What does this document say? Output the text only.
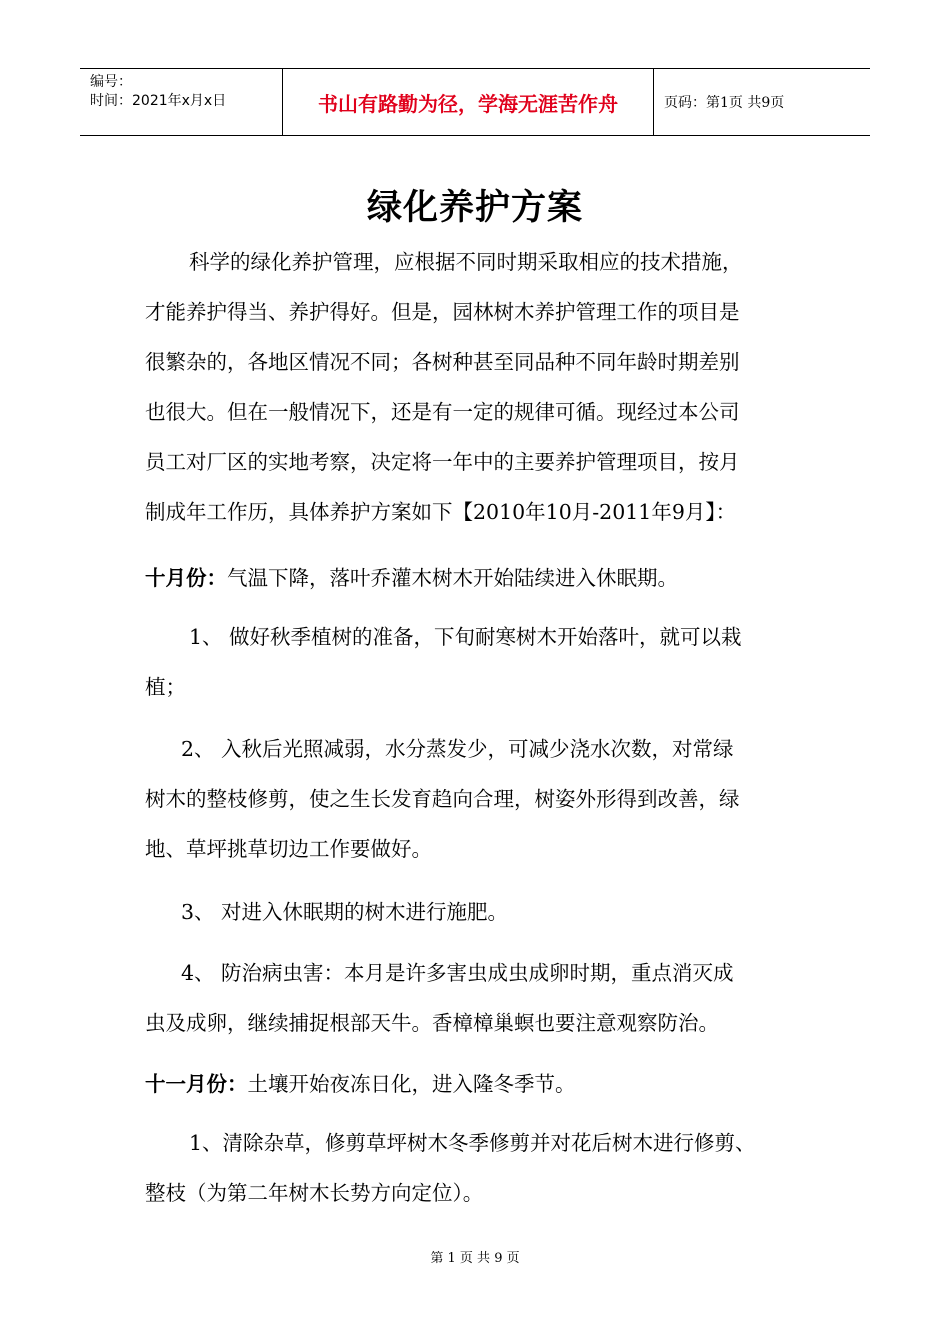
编号：
时间：2021年x月x日	书山有路勤为径，学海无涯苦作舟	页码：第1页 共9页
绿化养护方案

科学的绿化养护管理，应根据不同时期采取相应的技术措施，

才能养护得当、养护得好。但是，园林树木养护管理工作的项目是

很繁杂的，各地区情况不同；各树种甚至同品种不同年龄时期差别

也很大。但在一般情况下，还是有一定的规律可循。现经过本公司

员工对厂区的实地考察，决定将一年中的主要养护管理项目，按月

制成年工作历，具体养护方案如下【2010年10月-2011年9月】：

十月份：气温下降，落叶乔灌木树木开始陆续进入休眠期。
1、 做好秋季植树的准备，下旬耐寒树木开始落叶，就可以栽
植；
2、 入秋后光照减弱，水分蒸发少，可减少浇水次数，对常绿
树木的整枝修剪，使之生长发育趋向合理，树姿外形得到改善，绿
地、草坪挑草切边工作要做好。
3、 对进入休眠期的树木进行施肥。
4、 防治病虫害：本月是许多害虫成虫成卵时期，重点消灭成
虫及成卵，继续捕捉根部天牛。香樟樟巢螟也要注意观察防治。
十一月份：土壤开始夜冻日化，进入隆冬季节。
1、清除杂草，修剪草坪树木冬季修剪并对花后树木进行修剪、
整枝（为第二年树木长势方向定位）。
第 1 页 共 9 页
